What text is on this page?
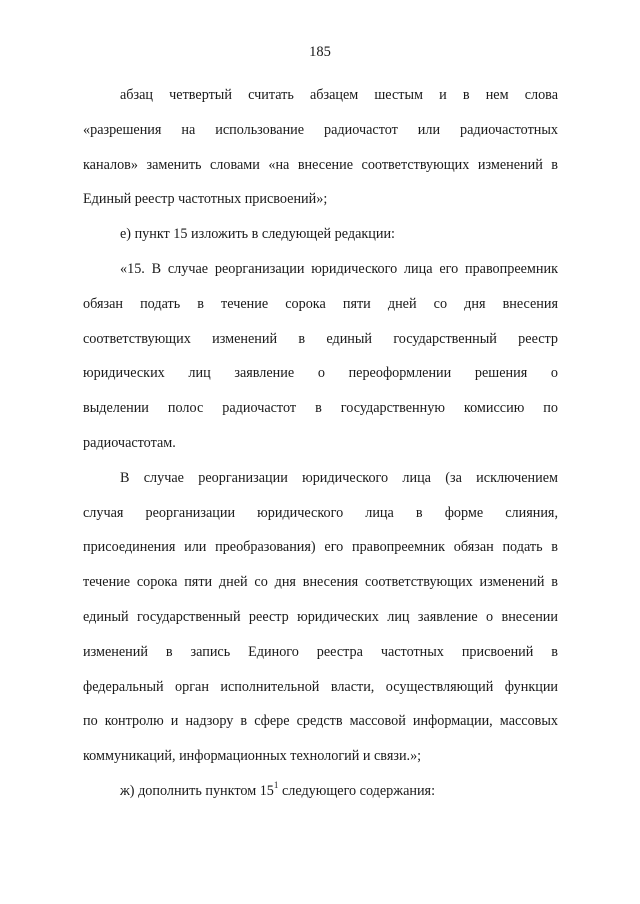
185
абзац четвертый считать абзацем шестым и в нем слова
«разрешения на использование радиочастот или радиочастотных
каналов» заменить словами «на внесение соответствующих изменений в
Единый реестр частотных присвоений»;
е) пункт 15 изложить в следующей редакции:
«15. В случае реорганизации юридического лица его правопреемник
обязан подать в течение сорока пяти дней со дня внесения
соответствующих изменений в единый государственный реестр
юридических лиц заявление о переоформлении решения о
выделении полос радиочастот в государственную комиссию по
радиочастотам.
В случае реорганизации юридического лица (за исключением
случая реорганизации юридического лица в форме слияния,
присоединения или преобразования) его правопреемник обязан подать в
течение сорока пяти дней со дня внесения соответствующих изменений в
единый государственный реестр юридических лиц заявление о внесении
изменений в запись Единого реестра частотных присвоений в
федеральный орган исполнительной власти, осуществляющий функции
по контролю и надзору в сфере средств массовой информации, массовых
коммуникаций, информационных технологий и связи.»;
ж) дополнить пунктом $15^1$ следующего содержания:
